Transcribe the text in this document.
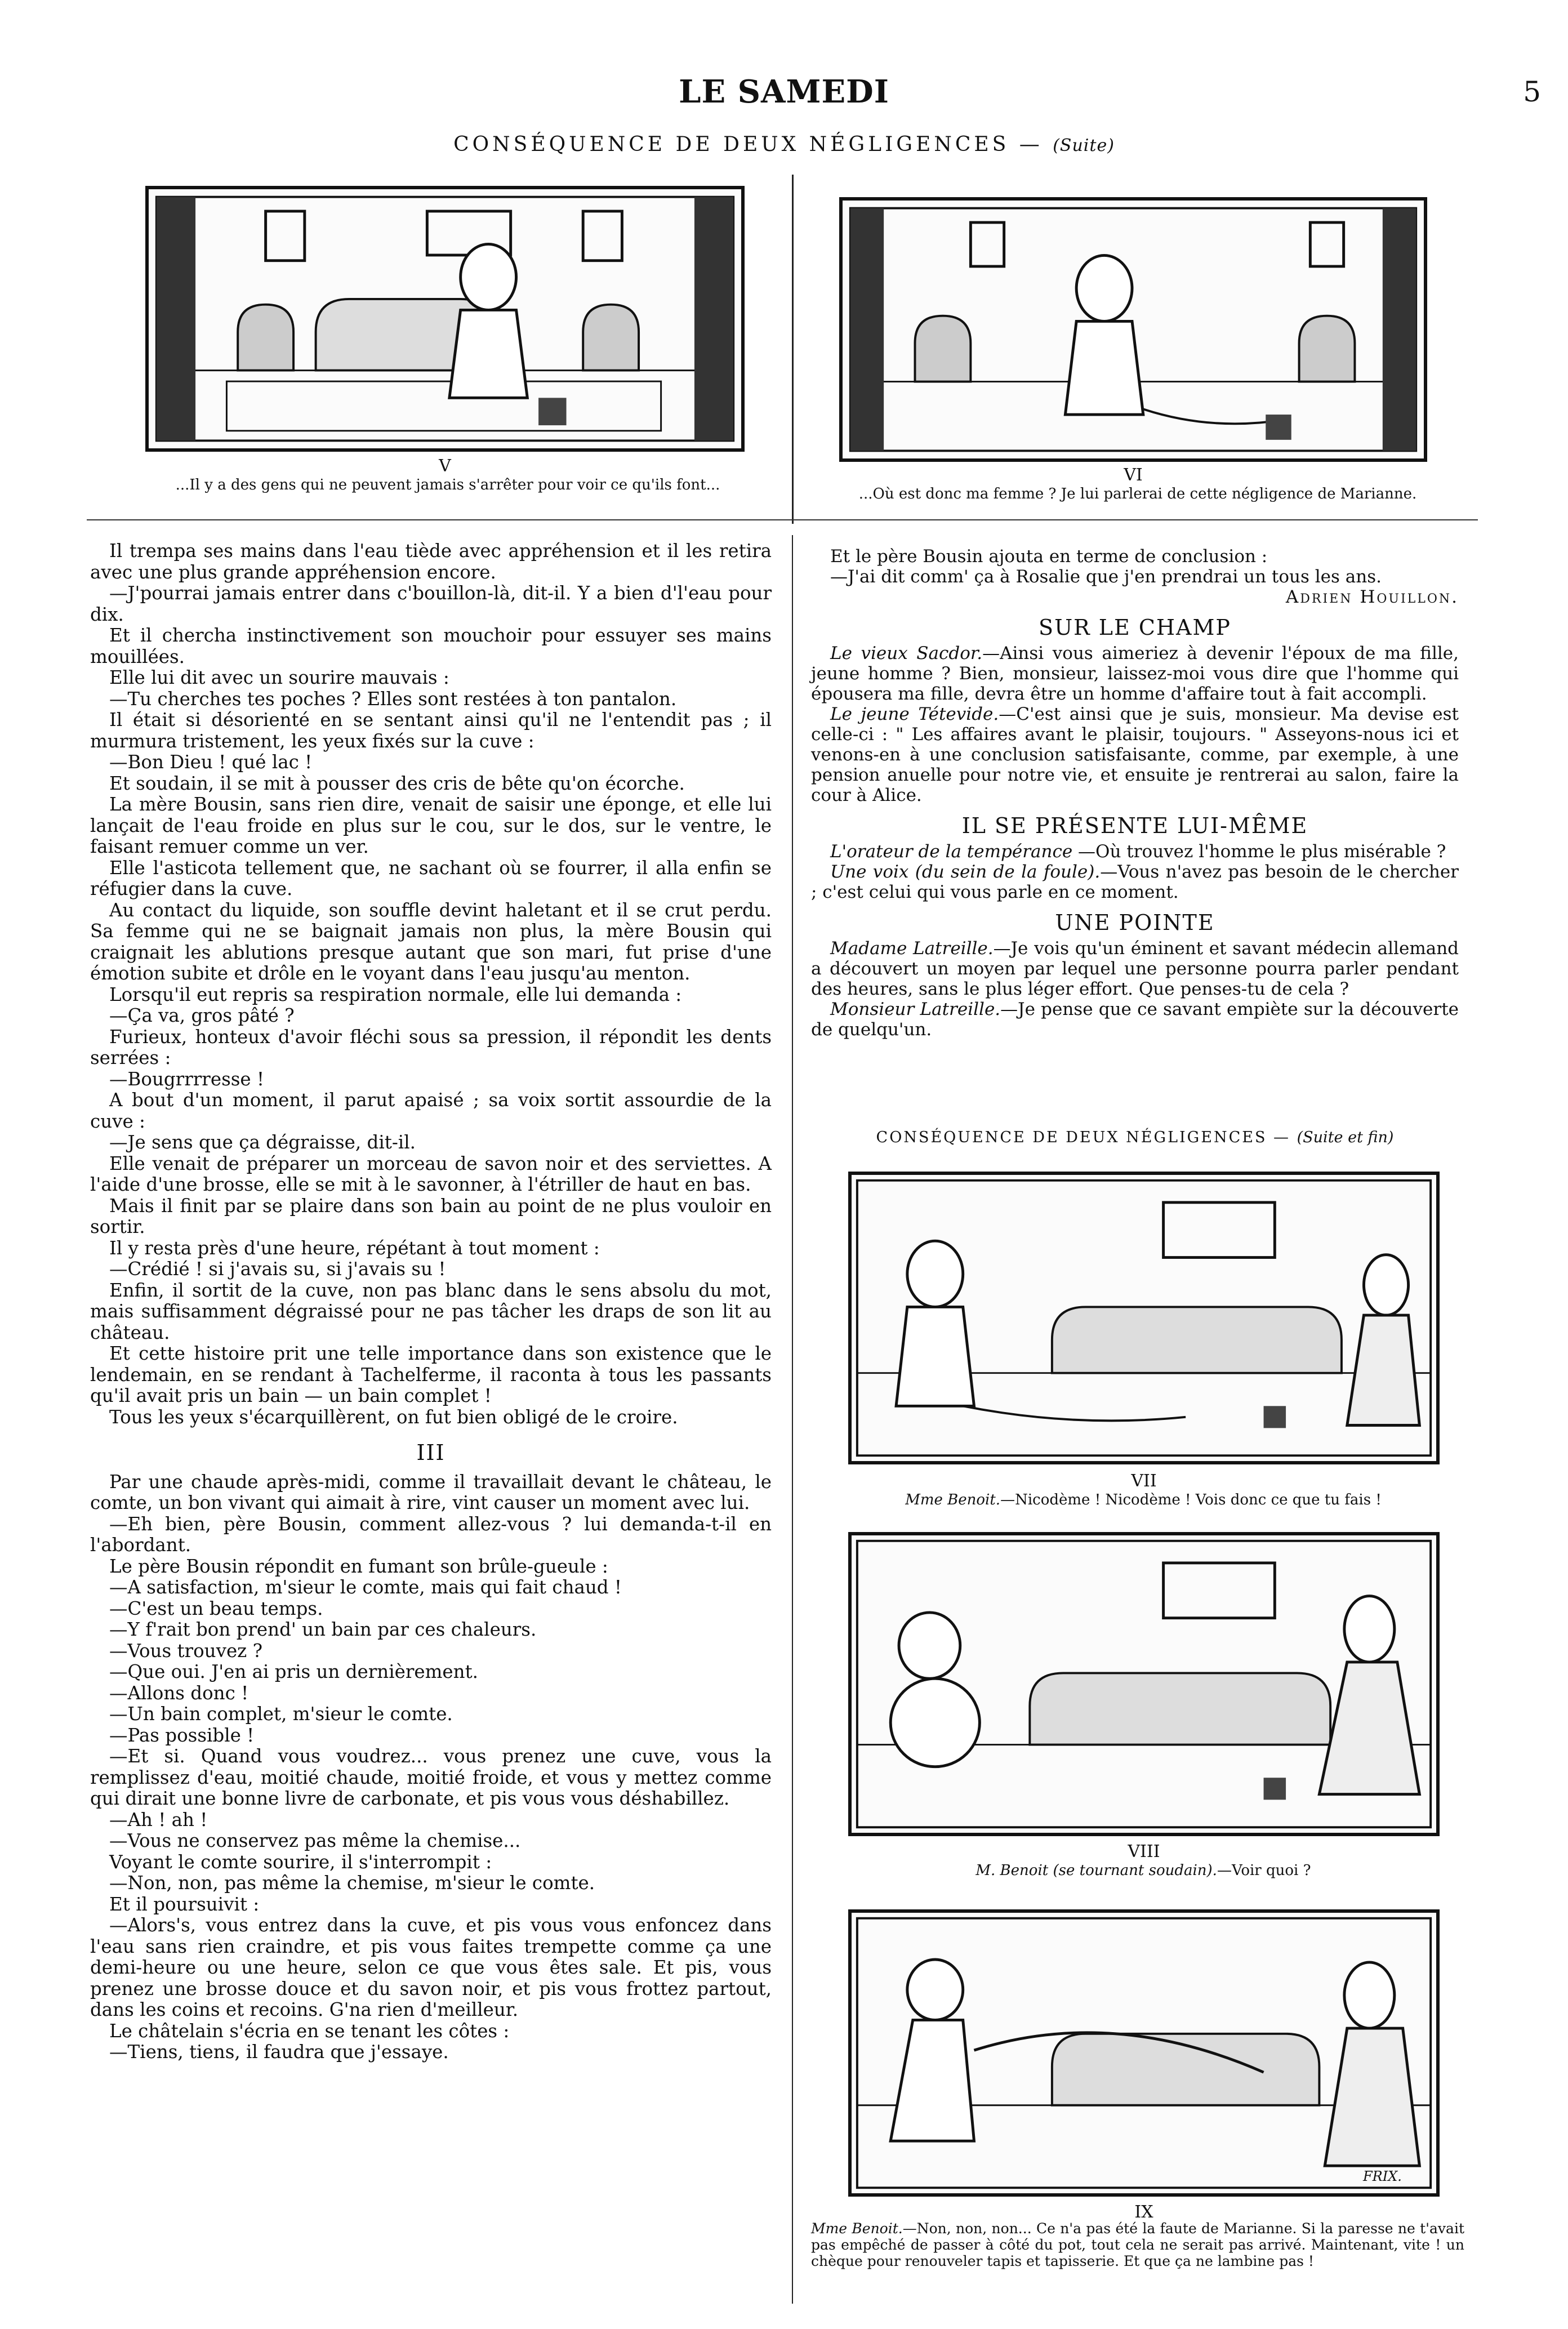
LE SAMEDI	5
CONSÉQUENCE DE DEUX NÉGLIGENCES — (Suite)
V
...Il y a des gens qui ne peuvent jamais s'arrêter pour voir ce qu'ils font...	VI
...Où est donc ma femme ? Je lui parlerai de cette négligence de Marianne.

Il trempa ses mains dans l'eau tiède avec appréhension et il les retira avec une plus grande appréhension encore.

—J'pourrai jamais entrer dans c'bouillon-là, dit-il. Y a bien d'l'eau pour dix.

Et il chercha instinctivement son mouchoir pour essuyer ses mains mouillées.

Elle lui dit avec un sourire mauvais :

—Tu cherches tes poches ? Elles sont restées à ton pantalon.

Il était si désorienté en se sentant ainsi qu'il ne l'entendit pas ; il murmura tristement, les yeux fixés sur la cuve :

—Bon Dieu ! qué lac !

Et soudain, il se mit à pousser des cris de bête qu'on écorche.

La mère Bousin, sans rien dire, venait de saisir une éponge, et elle lui lançait de l'eau froide en plus sur le cou, sur le dos, sur le ventre, le faisant remuer comme un ver.

Elle l'asticota tellement que, ne sachant où se fourrer, il alla enfin se réfugier dans la cuve.

Au contact du liquide, son souffle devint haletant et il se crut perdu. Sa femme qui ne se baignait jamais non plus, la mère Bousin qui craignait les ablutions presque autant que son mari, fut prise d'une émotion subite et drôle en le voyant dans l'eau jusqu'au menton.

Lorsqu'il eut repris sa respiration normale, elle lui demanda :

—Ça va, gros pâté ?

Furieux, honteux d'avoir fléchi sous sa pression, il répondit les dents serrées :

—Bougrrrresse !

A bout d'un moment, il parut apaisé ; sa voix sortit assourdie de la cuve :

—Je sens que ça dégraisse, dit-il.

Elle venait de préparer un morceau de savon noir et des serviettes. A l'aide d'une brosse, elle se mit à le savonner, à l'étriller de haut en bas.

Mais il finit par se plaire dans son bain au point de ne plus vouloir en sortir.

Il y resta près d'une heure, répétant à tout moment :

—Crédié ! si j'avais su, si j'avais su !

Enfin, il sortit de la cuve, non pas blanc dans le sens absolu du mot, mais suffisamment dégraissé pour ne pas tâcher les draps de son lit au château.

Et cette histoire prit une telle importance dans son existence que le lendemain, en se rendant à Tachelferme, il raconta à tous les passants qu'il avait pris un bain — un bain complet !

Tous les yeux s'écarquillèrent, on fut bien obligé de le croire.

III

Par une chaude après-midi, comme il travaillait devant le château, le comte, un bon vivant qui aimait à rire, vint causer un moment avec lui.

—Eh bien, père Bousin, comment allez-vous ? lui demanda-t-il en l'abordant.

Le père Bousin répondit en fumant son brûle-gueule :

—A satisfaction, m'sieur le comte, mais qui fait chaud !

—C'est un beau temps.

—Y f'rait bon prend' un bain par ces chaleurs.

—Vous trouvez ?

—Que oui. J'en ai pris un dernièrement.

—Allons donc !

—Un bain complet, m'sieur le comte.

—Pas possible !

—Et si. Quand vous voudrez... vous prenez une cuve, vous la remplissez d'eau, moitié chaude, moitié froide, et vous y mettez comme qui dirait une bonne livre de carbonate, et pis vous vous déshabillez.

—Ah ! ah !

—Vous ne conservez pas même la chemise...

Voyant le comte sourire, il s'interrompit :

—Non, non, pas même la chemise, m'sieur le comte.

Et il poursuivit :

—Alors's, vous entrez dans la cuve, et pis vous vous enfoncez dans l'eau sans rien craindre, et pis vous faites trempette comme ça une demi-heure ou une heure, selon ce que vous êtes sale. Et pis, vous prenez une brosse douce et du savon noir, et pis vous frottez partout, dans les coins et recoins. G'na rien d'meilleur.

Le châtelain s'écria en se tenant les côtes :

—Tiens, tiens, il faudra que j'essaye.

Et le père Bousin ajouta en terme de conclusion :

—J'ai dit comm' ça à Rosalie que j'en prendrai un tous les ans.

Adrien Houillon.
SUR LE CHAMP

Le vieux Sacdor.—Ainsi vous aimeriez à devenir l'époux de ma fille, jeune homme ? Bien, monsieur, laissez-moi vous dire que l'homme qui épousera ma fille, devra être un homme d'affaire tout à fait accompli.

Le jeune Tétevide.—C'est ainsi que je suis, monsieur. Ma devise est celle-ci : " Les affaires avant le plaisir, toujours. " Asseyons-nous ici et venons-en à une conclusion satisfaisante, comme, par exemple, à une pension anuelle pour notre vie, et ensuite je rentrerai au salon, faire la cour à Alice.

IL SE PRÉSENTE LUI-MÊME

L'orateur de la tempérance —Où trouvez l'homme le plus misérable ?

Une voix (du sein de la foule).—Vous n'avez pas besoin de le chercher ; c'est celui qui vous parle en ce moment.

UNE POINTE

Madame Latreille.—Je vois qu'un éminent et savant médecin allemand a découvert un moyen par lequel une personne pourra parler pendant des heures, sans le plus léger effort. Que penses-tu de cela ?

Monsieur Latreille.—Je pense que ce savant empiète sur la découverte de quelqu'un.

CONSÉQUENCE DE DEUX NÉGLIGENCES — (Suite et fin)
VII
Mme Benoit.—Nicodème ! Nicodème ! Vois donc ce que tu fais !
VIII
M. Benoit (se tournant soudain).—Voir quoi ?
FRIX.
IX
Mme Benoit.—Non, non, non... Ce n'a pas été la faute de Marianne. Si la paresse ne t'avait pas empêché de passer à côté du pot, tout cela ne serait pas arrivé. Maintenant, vite ! un chèque pour renouveler tapis et tapisserie. Et que ça ne lambine pas !
